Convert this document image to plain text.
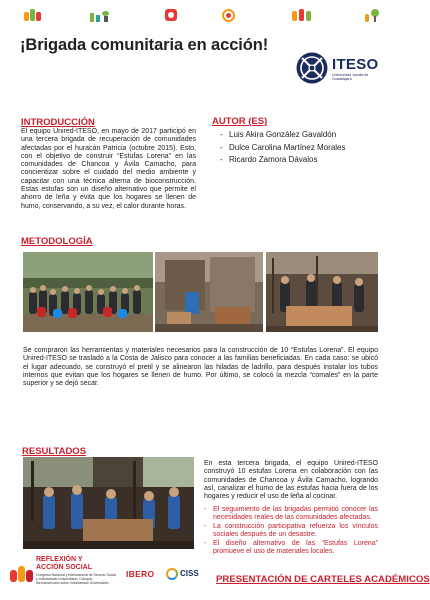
¡Brigada comunitaria en acción!
ITESO
Universidad Jesuita de Guadalajara
INTRODUCCIÓN
El equipo Unired-ITESO, en mayo de 2017 participó en una tercera brigada de recuperación de comunidades afectadas por el huracán Patricia (octubre 2015). Esto, con el objetivo de construir “Estufas Lorena” en las comunidades de Chancoa y Ávila Camacho, para concientizar sobre el cuidado del medio ambiente y capacitar con una técnica alterna de bioconstrucción. Estas estufas son un diseño alternativo que permite el ahorro de leña y evita que los hogares se llenen de humo, conservando, a su vez, el calor durante horas.
AUTOR (ES)
- Luis Akira González Gavaldón
- Dulce Carolina Martínez Morales
- Ricardo Zamora Dávalos
METODOLOGÍA
Se compraron las herramientas y materiales necesarios para la construcción de 10 “Estufas Lorena”. El equipo Unired-ITESO se trasladó a la Costa de Jalisco para conocer a las familias beneficiadas. En cada caso: se ubicó el lugar adecuado, se construyó el pretil y se alinearon las hiladas de ladrillo, para después instalar los tubos internos que evitan que los hogares se llenen de humo. Por último, se colocó la mezcla “comales” en la parte superior y se dejó secar.
RESULTADOS
En esta tercera brigada, el equipo Unired-ITESO construyó 10 estufas Lorena en colaboración con las comunidades de Chancoa y Ávila Camacho, logrando así, canalizar el humo de las estufas hacia fuera de los hogares y reducir el uso de leña al cocinar.
- El seguimiento de las brigadas permitió conocer las necesidades reales de las comunidades afectadas.
- La construcción participativa refuerza los vínculos sociales después de un desastre.
- El diseño alternativo de las “Estufas Lorena” promueve el uso de materiales locales.
REFLEXIÓN Y ACCIÓN SOCIAL
Congreso Nacional y Internacional de Servicio Social y Voluntariado Universitario; Coloquio Iberoamericano sobre Voluntariado Universitario
IBERO	CISS
PRESENTACIÓN DE CARTELES ACADÉMICOS
